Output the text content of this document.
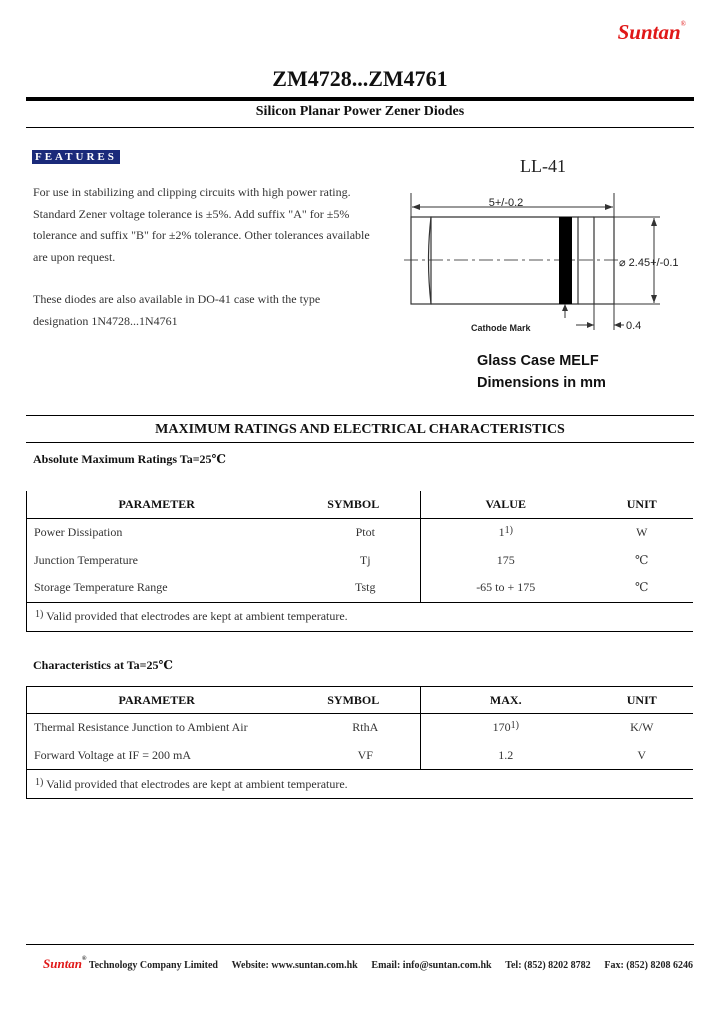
Suntan®
ZM4728...ZM4761
Silicon Planar Power Zener Diodes
FEATURES

For use in stabilizing and clipping circuits with high power rating. Standard Zener voltage tolerance is ±5%. Add suffix "A" for ±5% tolerance and suffix "B" for ±2% tolerance. Other tolerances available are upon request.

These diodes are also available in DO-41 case with the type designation 1N4728...1N4761

LL-41
5+/-0.2
⌀ 2.45+/-0.1
0.4
Cathode Mark
Glass Case MELF
Dimensions in mm
MAXIMUM RATINGS AND ELECTRICAL CHARACTERISTICS
Absolute Maximum Ratings Ta=25℃
PARAMETER	SYMBOL	VALUE	UNIT
Power Dissipation	Ptot	1$^{1)}$	W
Junction Temperature	Tj	175	℃
Storage Temperature Range	Tstg	-65 to + 175	℃
$^{1)}$ Valid provided that electrodes are kept at ambient temperature.			
Characteristics at Ta=25℃
PARAMETER	SYMBOL	MAX.	UNIT
Thermal Resistance Junction to Ambient Air	RthA	170$^{1)}$	K/W
Forward Voltage at IF = 200 mA	VF	1.2	V
$^{1)}$ Valid provided that electrodes are kept at ambient temperature.			
Suntan® Technology Company Limited Website: www.suntan.com.hk Email: info@suntan.com.hk Tel: (852) 8202 8782 Fax: (852) 8208 6246
